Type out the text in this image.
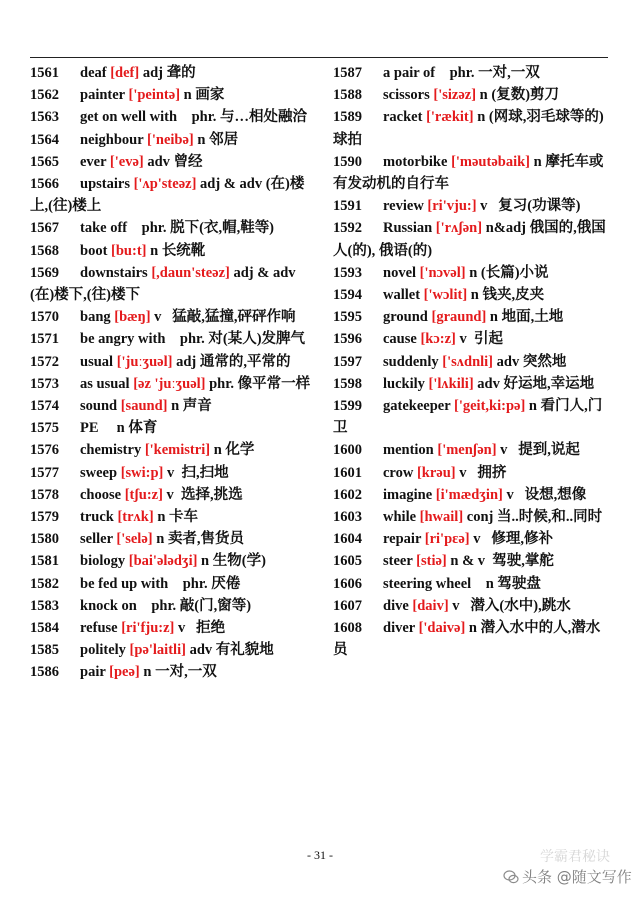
1561 deaf [def] adj 聋的
1562 painter ['peintə] n 画家
1563 get on well with    phr. 与…相处融洽
1564 neighbour ['neibə] n 邻居
1565 ever ['evə] adv 曾经
1566 upstairs ['ʌp'steəz] adj & adv (在)楼上,(往)楼上
1567 take off    phr. 脱下(衣,帽,鞋等)
1568 boot [bu:t] n 长统靴
1569 downstairs [,daun'steəz] adj & adv (在)楼下,(往)楼下
1570 bang [bæŋ] v   猛敲,猛撞,砰砰作响
1571 be angry with    phr. 对(某人)发脾气
1572 usual ['juːʒuəl] adj 通常的,平常的
1573 as usual [əz 'juːʒuəl] phr. 像平常一样
1574 sound [saund] n 声音
1575 PE     n 体育
1576 chemistry ['kemistri] n 化学
1577 sweep [swi:p] v  扫,扫地
1578 choose [tʃu:z] v  选择,挑选
1579 truck [trʌk] n 卡车
1580 seller ['selə] n 卖者,售货员
1581 biology [bai'ələdʒi] n 生物(学)
1582 be fed up with    phr. 厌倦
1583 knock on    phr. 敲(门,窗等)
1584 refuse [ri'fju:z] v   拒绝
1585 politely [pə'laitli] adv 有礼貌地
1586 pair [peə] n 一对,一双
1587 a pair of    phr. 一对,一双
1588 scissors ['sizəz] n (复数)剪刀
1589 racket ['rækit] n (网球,羽毛球等的)球拍
1590 motorbike ['məutəbaik] n 摩托车或有发动机的自行车
1591 review [ri'vju:] v   复习(功课等)
1592 Russian ['rʌʃən] n&adj 俄国的,俄国人(的), 俄语(的)
1593 novel ['nɔvəl] n (长篇)小说
1594 wallet ['wɔlit] n 钱夹,皮夹
1595 ground [graund] n 地面,土地
1596 cause [kɔ:z] v  引起
1597 suddenly ['sʌdnli] adv 突然地
1598 luckily ['lʌkili] adv 好运地,幸运地
1599 gatekeeper ['geit,ki:pə] n 看门人,门卫
1600 mention ['menʃən] v   提到,说起
1601 crow [krəu] v   拥挤
1602 imagine [i'mædʒin] v   设想,想像
1603 while [hwail] conj 当..时候,和..同时
1604 repair [ri'pɛə] v   修理,修补
1605 steer [stiə] n & v  驾驶,掌舵
1606 steering wheel    n 驾驶盘
1607 dive [daiv] v   潜入(水中),跳水
1608 diver ['daivə] n 潜入水中的人,潜水员
- 31 -	学霸君秘诀
头条 @随文写作
